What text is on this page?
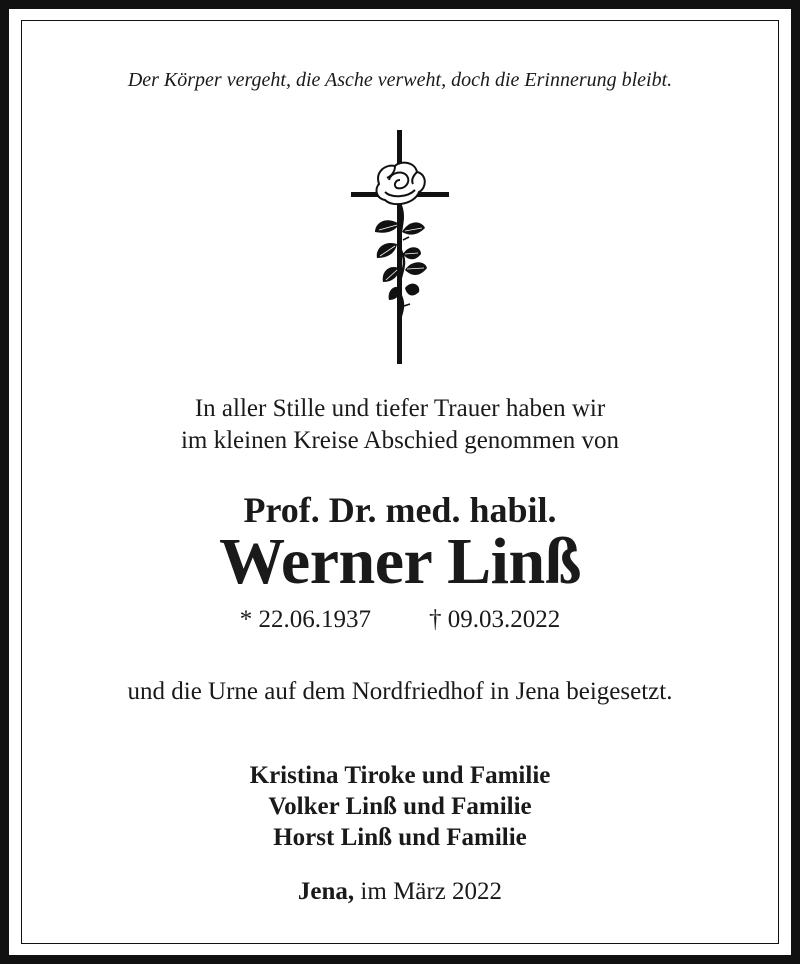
Der Körper vergeht, die Asche verweht, doch die Erinnerung bleibt.
In aller Stille und tiefer Trauer haben wir
im kleinen Kreise Abschied genommen von
Prof. Dr. med. habil.
Werner Linß
* 22.06.1937 † 09.03.2022
und die Urne auf dem Nordfriedhof in Jena beigesetzt.
Kristina Tiroke und Familie
Volker Linß und Familie
Horst Linß und Familie
Jena, im März 2022
